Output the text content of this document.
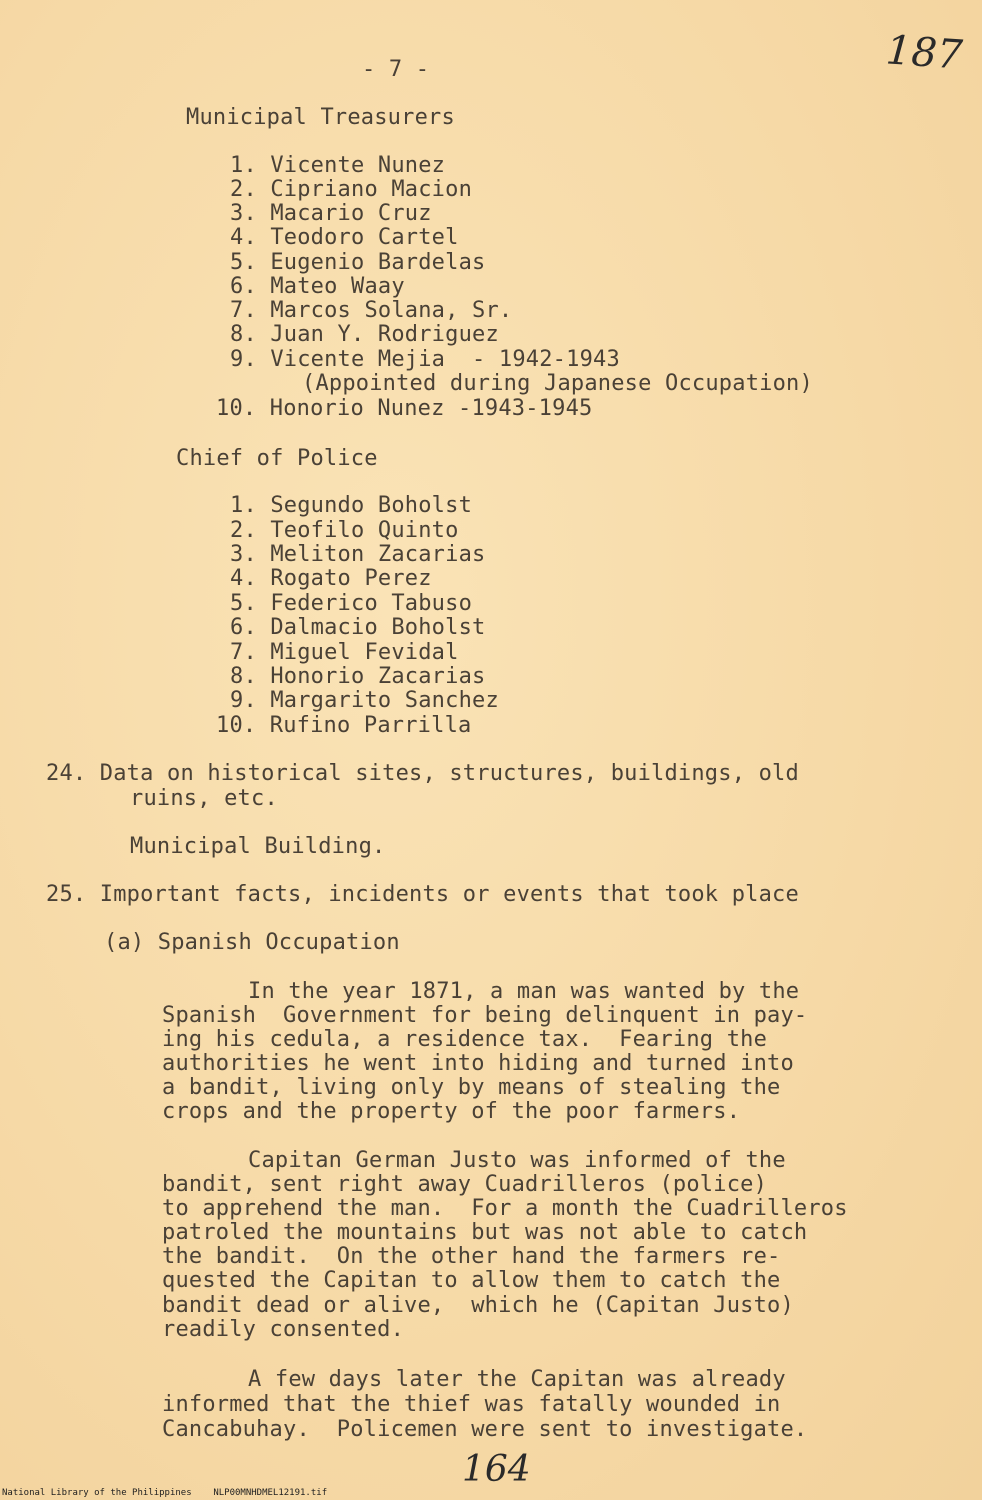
- 7 -	187
Municipal Treasurers
1. Vicente Nunez
2. Cipriano Macion
3. Macario Cruz
4. Teodoro Cartel
5. Eugenio Bardelas
6. Mateo Waay
7. Marcos Solana, Sr.
8. Juan Y. Rodriguez
9. Vicente Mejia  - 1942-1943
(Appointed during Japanese Occupation)
10. Honorio Nunez -1943-1945
Chief of Police
1. Segundo Boholst
2. Teofilo Quinto
3. Meliton Zacarias
4. Rogato Perez
5. Federico Tabuso
6. Dalmacio Boholst
7. Miguel Fevidal
8. Honorio Zacarias
9. Margarito Sanchez
10. Rufino Parrilla
24. Data on historical sites, structures, buildings, old
ruins, etc.
Municipal Building.
25. Important facts, incidents or events that took place
(a) Spanish Occupation
In the year 1871, a man was wanted by the
Spanish  Government for being delinquent in pay-
ing his cedula, a residence tax.  Fearing the
authorities he went into hiding and turned into
a bandit, living only by means of stealing the
crops and the property of the poor farmers.
Capitan German Justo was informed of the
bandit, sent right away Cuadrilleros (police)
to apprehend the man.  For a month the Cuadrilleros
patroled the mountains but was not able to catch
the bandit.  On the other hand the farmers re-
quested the Capitan to allow them to catch the
bandit dead or alive,  which he (Capitan Justo)
readily consented.
A few days later the Capitan was already
informed that the thief was fatally wounded in
Cancabuhay.  Policemen were sent to investigate.
164
National Library of the Philippines    NLP00MNHDMEL12191.tif
